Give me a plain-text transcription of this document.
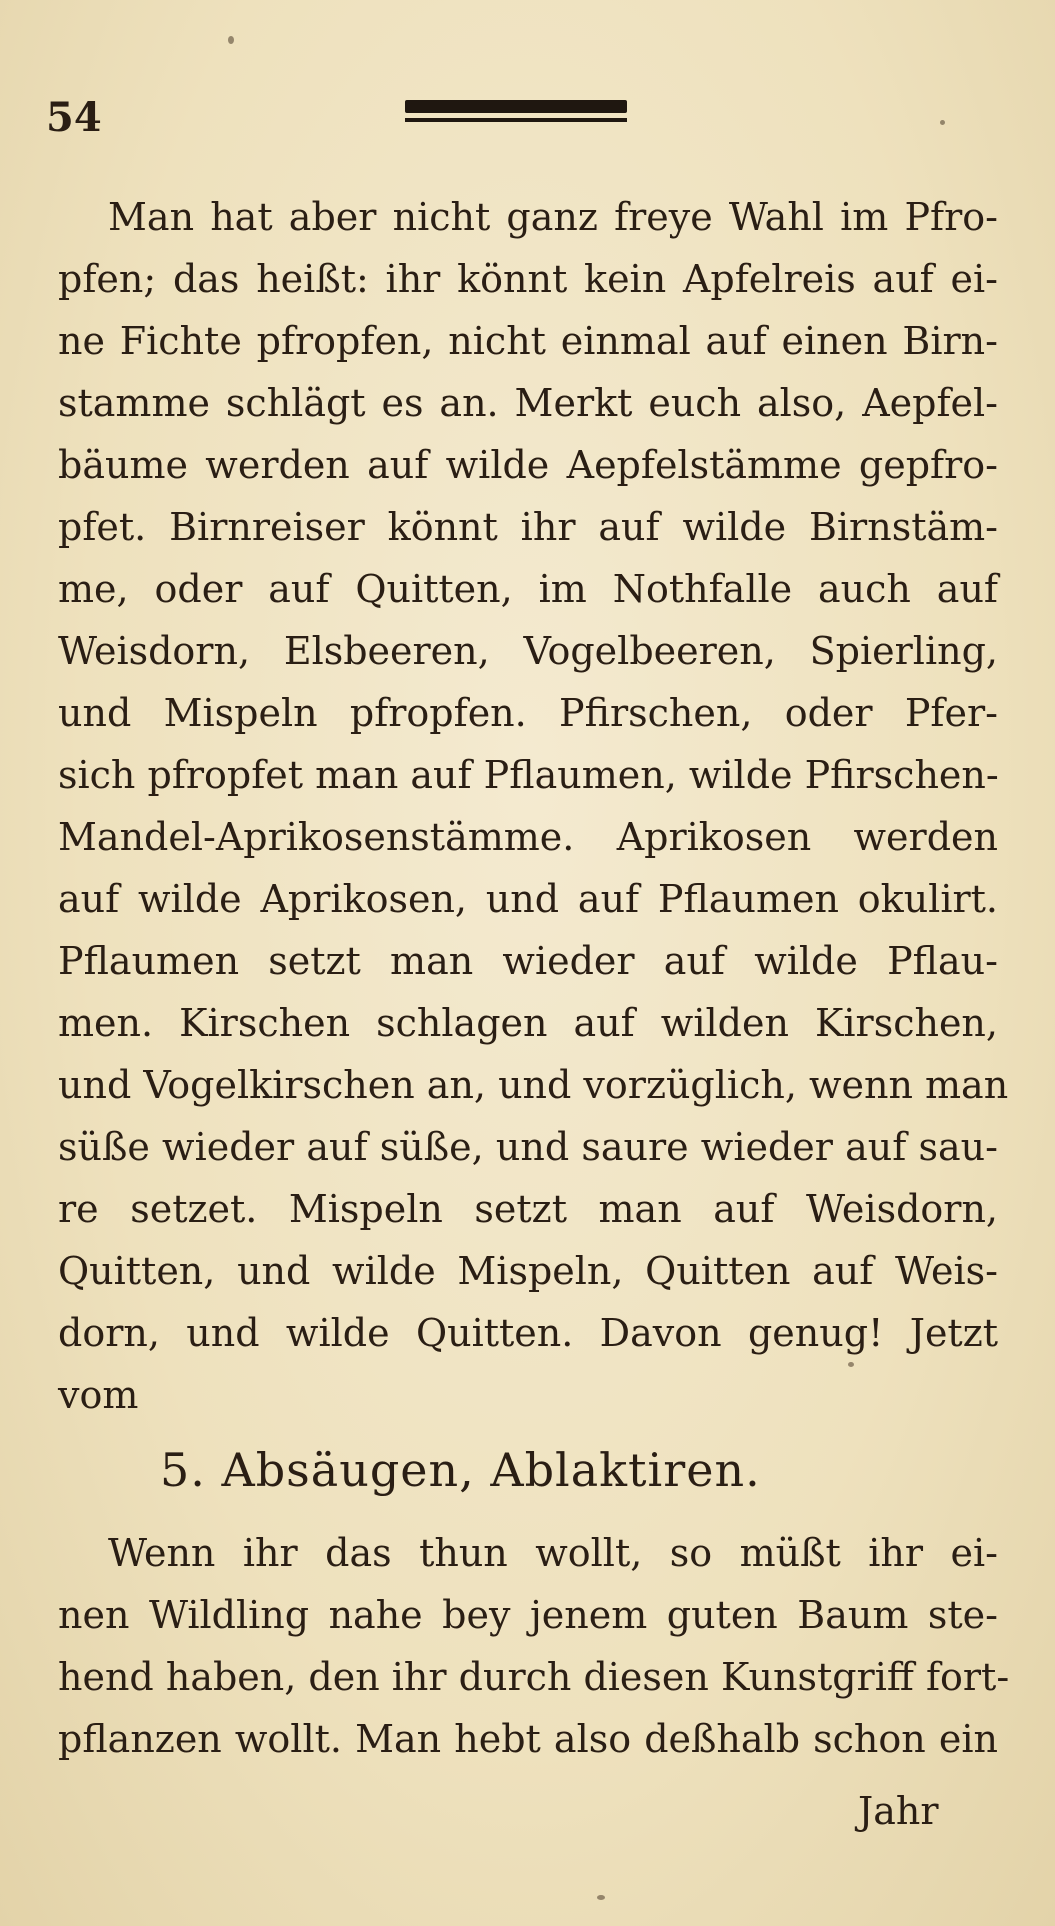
54

Man hat aber nicht ganz freye Wahl im Pfro-

pfen; das heißt: ihr könnt kein Apfelreis auf ei-

ne Fichte pfropfen, nicht einmal auf einen Birn-

stamme schlägt es an. Merkt euch also, Aepfel-

bäume werden auf wilde Aepfelstämme gepfro-

pfet. Birnreiser könnt ihr auf wilde Birnstäm-

me, oder auf Quitten, im Nothfalle auch auf

Weisdorn, Elsbeeren, Vogelbeeren, Spierling,

und Mispeln pfropfen. Pfirschen, oder Pfer-

sich pfropfet man auf Pflaumen, wilde Pfirschen-

Mandel-Aprikosenstämme. Aprikosen werden

auf wilde Aprikosen, und auf Pflaumen okulirt.

Pflaumen setzt man wieder auf wilde Pflau-

men. Kirschen schlagen auf wilden Kirschen,

und Vogelkirschen an, und vorzüglich, wenn man

süße wieder auf süße, und saure wieder auf sau-

re setzet. Mispeln setzt man auf Weisdorn,

Quitten, und wilde Mispeln, Quitten auf Weis-

dorn, und wilde Quitten. Davon genug! Jetzt

vom

5. Absäugen, Ablaktiren.

Wenn ihr das thun wollt, so müßt ihr ei-

nen Wildling nahe bey jenem guten Baum ste-

hend haben, den ihr durch diesen Kunstgriff fort-

pflanzen wollt. Man hebt also deßhalb schon ein

Jahr
